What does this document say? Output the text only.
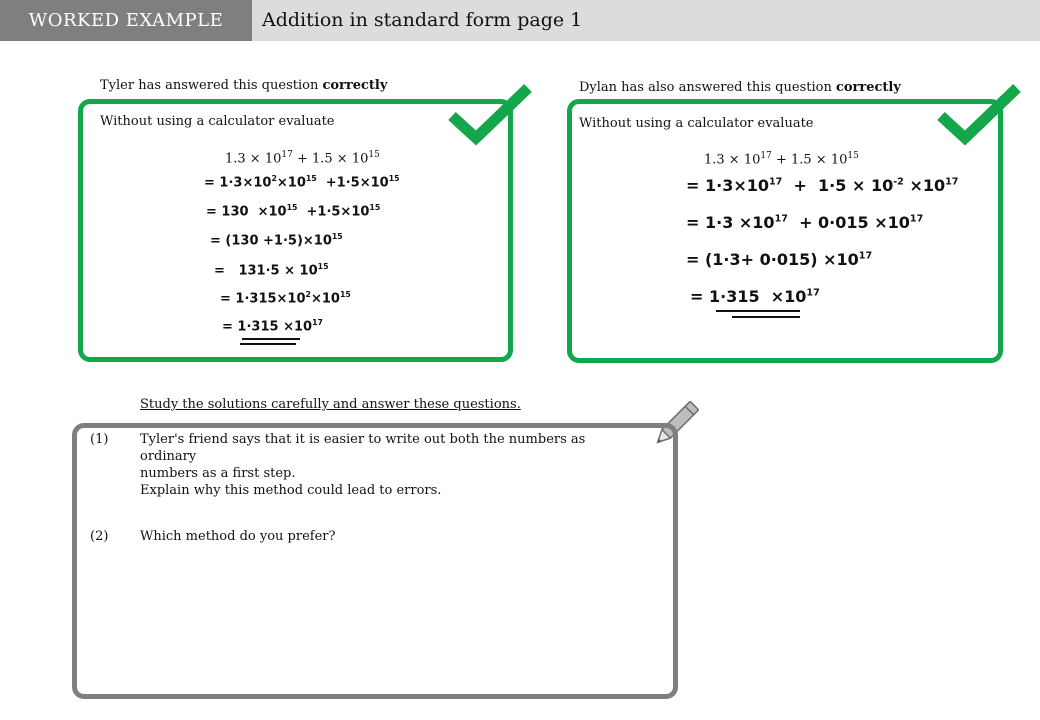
WORKED EXAMPLE	Addition in standard form page 1
Tyler has answered this question correctly
Without using a calculator evaluate
$1.3 \times 10^{17} + 1.5 \times 10^{15}$
= $1\cdot 3\times 10^2\times 10^{15} +1\cdot 5\times 10^{15}$
= $130 \times 10^{15} +1\cdot 5\times 10^{15}$
= $(130 +1\cdot 5)\times 10^{15}$
=   $131\cdot 5 \times 10^{15}$
= $1\cdot 315\times 10^2\times 10^{15}$
= $1\cdot 315 \times 10^{17}$
Dylan has also answered this question correctly
Without using a calculator evaluate
$1.3 \times 10^{17} + 1.5 \times 10^{15}$
= $1\cdot 3\times 10^{17} + 1\cdot 5 \times 10^{-2} \times 10^{17}$
= $1\cdot 3 \times 10^{17} + 0\cdot 015 \times 10^{17}$
= $(1\cdot 3+ 0\cdot 015) \times 10^{17}$
= $1\cdot 315 \times 10^{17}$
Study the solutions carefully and answer these questions.
(1) Tyler's friend says that it is easier to write out both the numbers as ordinary
numbers as a first step.
Explain why this method could lead to errors.
(2) Which method do you prefer?
